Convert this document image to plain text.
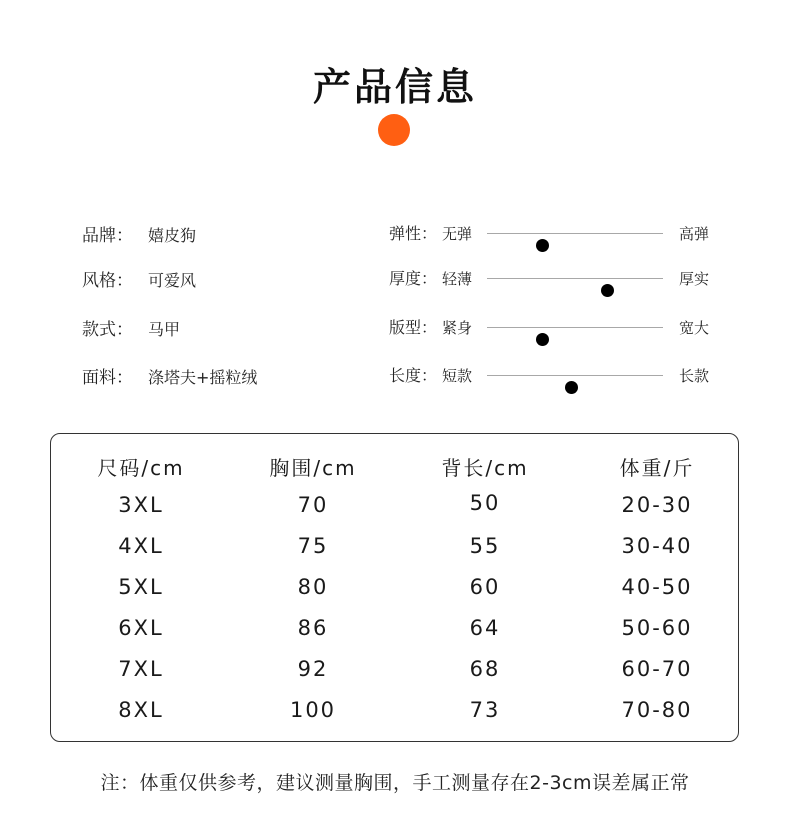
产品信息
品牌： 嬉皮狗	弹性： 无弹	高弹
风格： 可爱风	厚度： 轻薄	厚实
款式： 马甲	版型： 紧身	宽大
面料： 涤塔夫+摇粒绒	长度： 短款	长款
尺码/cm	胸围/cm	背长/cm	体重/斤
3XL	70	50	20-30
4XL	75	55	30-40
5XL	80	60	40-50
6XL	86	64	50-60
7XL	92	68	60-70
8XL	100	73	70-80
注：体重仅供参考，建议测量胸围，手工测量存在2-3cm误差属正常
